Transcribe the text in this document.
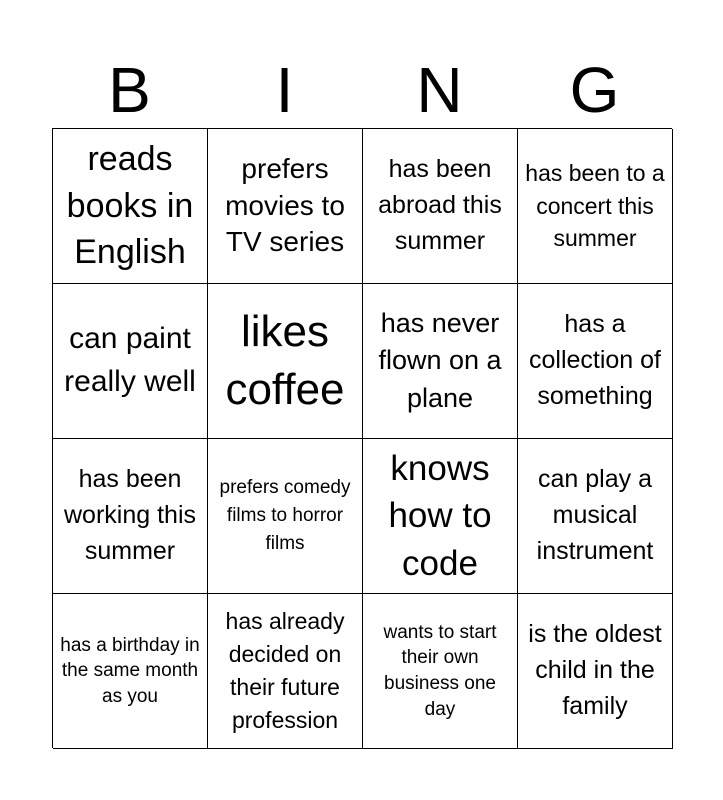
B	I	N	G
reads books in English
prefers movies to TV series
has been abroad this summer
has been to a concert this summer
can paint really well
likes coffee
has never flown on a plane
has a collection of something
has been working this summer
prefers comedy films to horror films
knows how to code
can play a musical instrument
has a birthday in the same month as you
has already decided on their future profession
wants to start their own business one day
is the oldest child in the family
